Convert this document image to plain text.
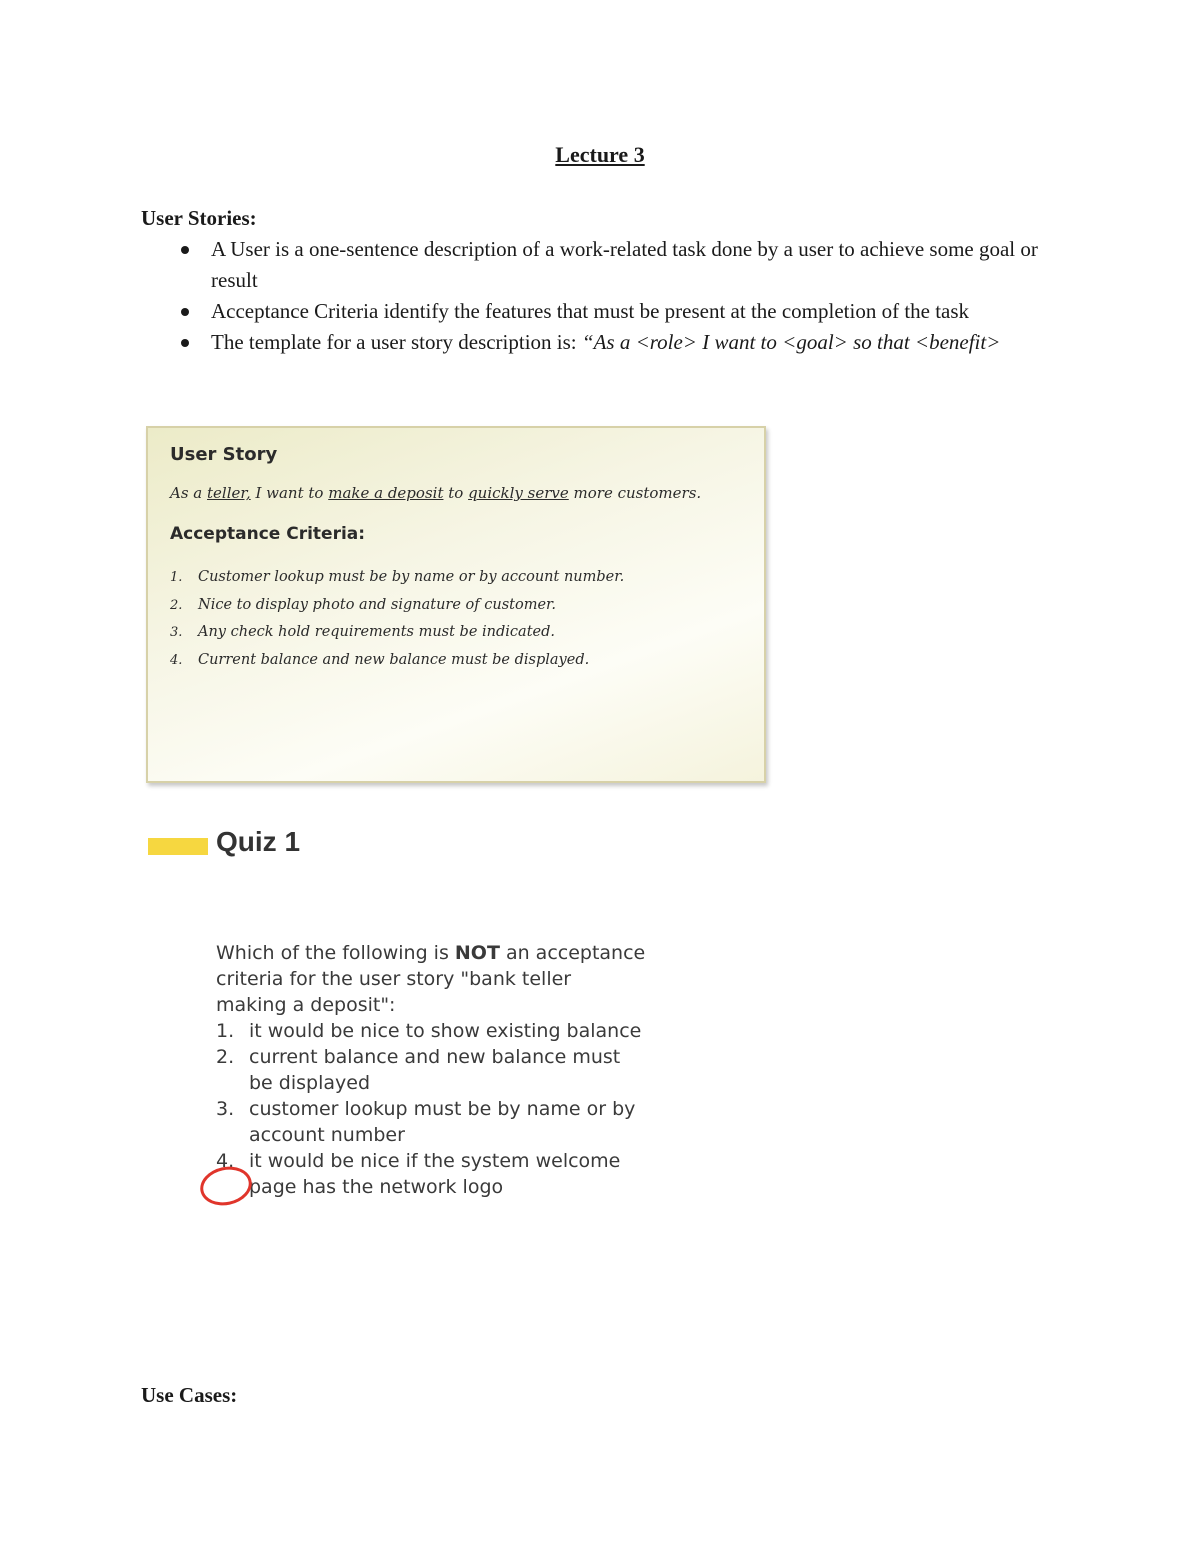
Lecture 3
User Stories:
A User is a one-sentence description of a work-related task done by a user to achieve some goal or result
Acceptance Criteria identify the features that must be present at the completion of the task
The template for a user story description is: “As a <role> I want to <goal> so that <benefit>
User Story
As a teller, I want to make a deposit to quickly serve more customers.
Acceptance Criteria:
1. Customer lookup must be by name or by account number.
2. Nice to display photo and signature of customer.
3. Any check hold requirements must be indicated.
4. Current balance and new balance must be displayed.
Quiz 1

Which of the following is NOT an acceptance criteria for the user story "bank teller making a deposit":

1. it would be nice to show existing balance
2. current balance and new balance must be displayed
3. customer lookup must be by name or by account number
4. it would be nice if the system welcome page has the network logo
Use Cases:
